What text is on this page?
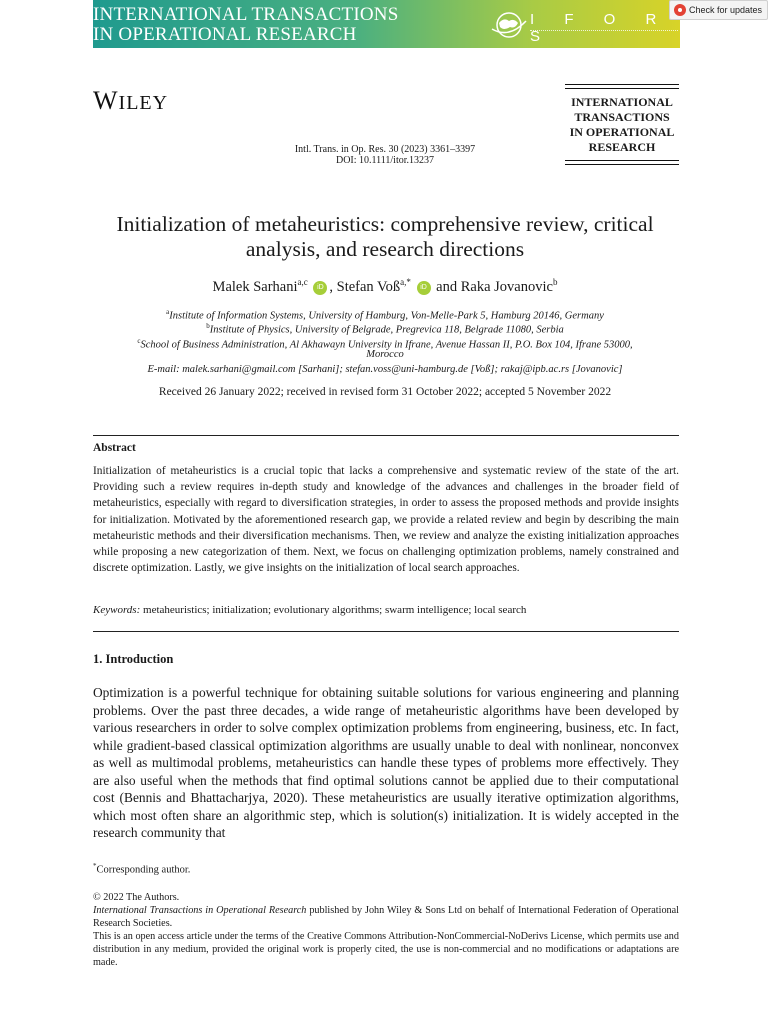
INTERNATIONAL TRANSACTIONS
IN OPERATIONAL RESEARCH
I F O R S
Check for updates
WILEY	INTERNATIONAL
TRANSACTIONS
IN OPERATIONAL
RESEARCH
Intl. Trans. in Op. Res. 30 (2023) 3361–3397
DOI: 10.1111/itor.13237
Initialization of metaheuristics: comprehensive review, critical
analysis, and research directions
Malek Sarhani$^{a,c}$ iD , Stefan Voß$^{a,*}$ iD and Raka Jovanovic$^b$
$^a$Institute of Information Systems, University of Hamburg, Von-Melle-Park 5, Hamburg 20146, Germany
$^b$Institute of Physics, University of Belgrade, Pregrevica 118, Belgrade 11080, Serbia
$^c$School of Business Administration, Al Akhawayn University in Ifrane, Avenue Hassan II, P.O. Box 104, Ifrane 53000,
Morocco
E-mail: malek.sarhani@gmail.com [Sarhani]; stefan.voss@uni-hamburg.de [Voß]; rakaj@ipb.ac.rs [Jovanovic]
Received 26 January 2022; received in revised form 31 October 2022; accepted 5 November 2022
Abstract
Initialization of metaheuristics is a crucial topic that lacks a comprehensive and systematic review of the state of the art. Providing such a review requires in-depth study and knowledge of the advances and challenges in the broader field of metaheuristics, especially with regard to diversification strategies, in order to assess the proposed methods and provide insights for initialization. Motivated by the aforementioned research gap, we provide a related review and begin by describing the main metaheuristic methods and their diversification mechanisms. Then, we review and analyze the existing initialization approaches while proposing a new categorization of them. Next, we focus on challenging optimization problems, namely constrained and discrete optimization. Lastly, we give insights on the initialization of local search approaches.
Keywords: metaheuristics; initialization; evolutionary algorithms; swarm intelligence; local search
1. Introduction
Optimization is a powerful technique for obtaining suitable solutions for various engineering and planning problems. Over the past three decades, a wide range of metaheuristic algorithms have been developed by various researchers in order to solve complex optimization problems from engineering, business, etc. In fact, while gradient-based classical optimization algorithms are usually unable to deal with nonlinear, nonconvex as well as multimodal problems, metaheuristics can handle these types of problems more effectively. They are also useful when the methods that find optimal solutions cannot be applied due to their computational cost (Bennis and Bhattacharjya, 2020). These metaheuristics are usually iterative optimization algorithms, which most often share an algorithmic step, which is solution(s) initialization. It is widely accepted in the research community that
*Corresponding author.
© 2022 The Authors.
International Transactions in Operational Research published by John Wiley & Sons Ltd on behalf of International Federation of Operational Research Societies.
This is an open access article under the terms of the Creative Commons Attribution-NonCommercial-NoDerivs License, which permits use and distribution in any medium, provided the original work is properly cited, the use is non-commercial and no modifications or adaptations are made.
